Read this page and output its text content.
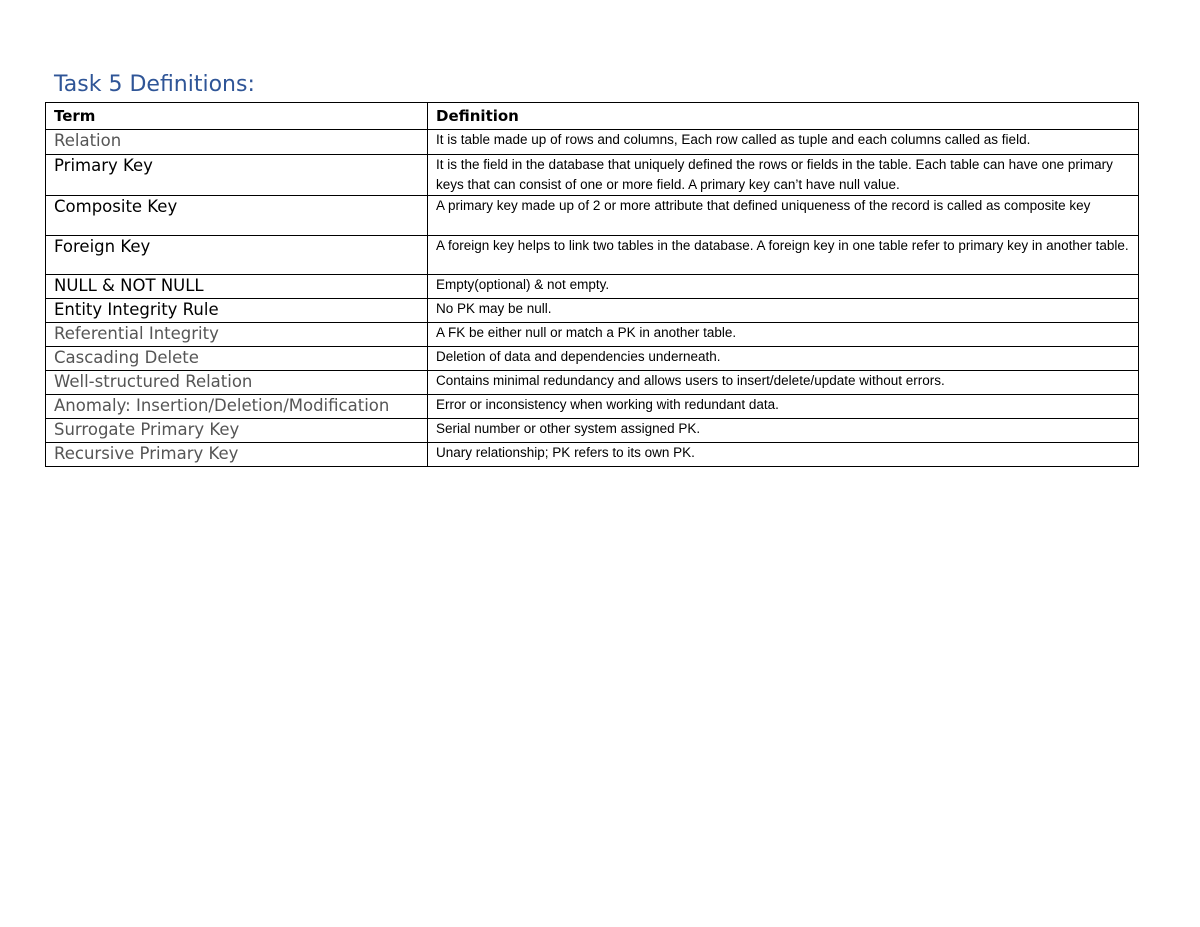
Task 5 Definitions:
Term	Definition
Relation	It is table made up of rows and columns, Each row called as tuple and each columns called as field.
Primary Key	It is the field in the database that uniquely defined the rows or fields in the table. Each table can have one primary keys that can consist of one or more field. A primary key can’t have null value.
Composite Key	A primary key made up of 2 or more attribute that defined uniqueness of the record is called as composite key
Foreign Key	A foreign key helps to link two tables in the database. A foreign key in one table refer to primary key in another table.
NULL & NOT NULL	Empty(optional) & not empty.
Entity Integrity Rule	No PK may be null.
Referential Integrity	A FK be either null or match a PK in another table.
Cascading Delete	Deletion of data and dependencies underneath.
Well-structured Relation	Contains minimal redundancy and allows users to insert/delete/update without errors.
Anomaly: Insertion/Deletion/Modification	Error or inconsistency when working with redundant data.
Surrogate Primary Key	Serial number or other system assigned PK.
Recursive Primary Key	Unary relationship; PK refers to its own PK.
